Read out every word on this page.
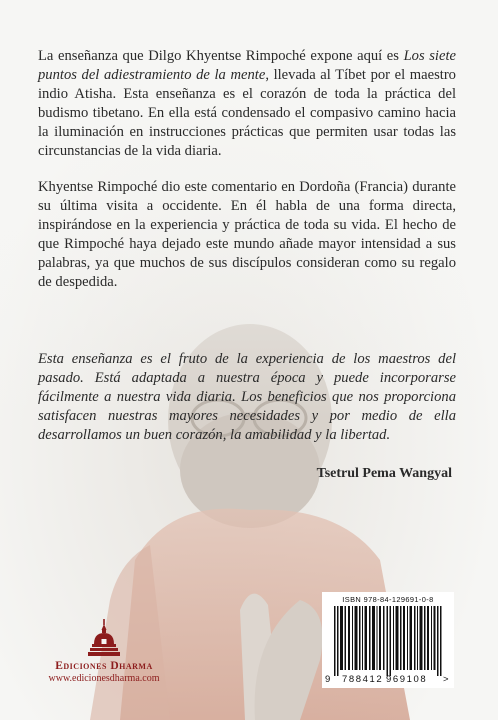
La enseñanza que Dilgo Khyentse Rimpoché expone aquí es Los siete puntos del adiestramiento de la mente, llevada al Tíbet por el maestro indio Atisha. Esta enseñanza es el corazón de toda la práctica del budismo tibetano. En ella está condensado el compasivo camino hacia la iluminación en instrucciones prácticas que permiten usar todas las circunstancias de la vida diaria.

Khyentse Rimpoché dio este comentario en Dordoña (Francia) durante su última visita a occidente. En él habla de una forma directa, inspirándose en la experiencia y práctica de toda su vida. El hecho de que Rimpoché haya dejado este mundo añade mayor intensidad a sus palabras, ya que muchos de sus discípulos consideran como su regalo de despedida.

Esta enseñanza es el fruto de la experiencia de los maestros del pasado. Está adaptada a nuestra época y puede incorporarse fácilmente a nuestra vida diaria. Los beneficios que nos proporciona satisfacen nuestras mayores necesidades y por medio de ella desarrollamos un buen corazón, la amabilidad y la libertad.

Tsetrul Pema Wangyal

Ediciones Dharma
www.edicionesdharma.com
ISBN 978-84-129691-0-8
9 788412 969108 >
